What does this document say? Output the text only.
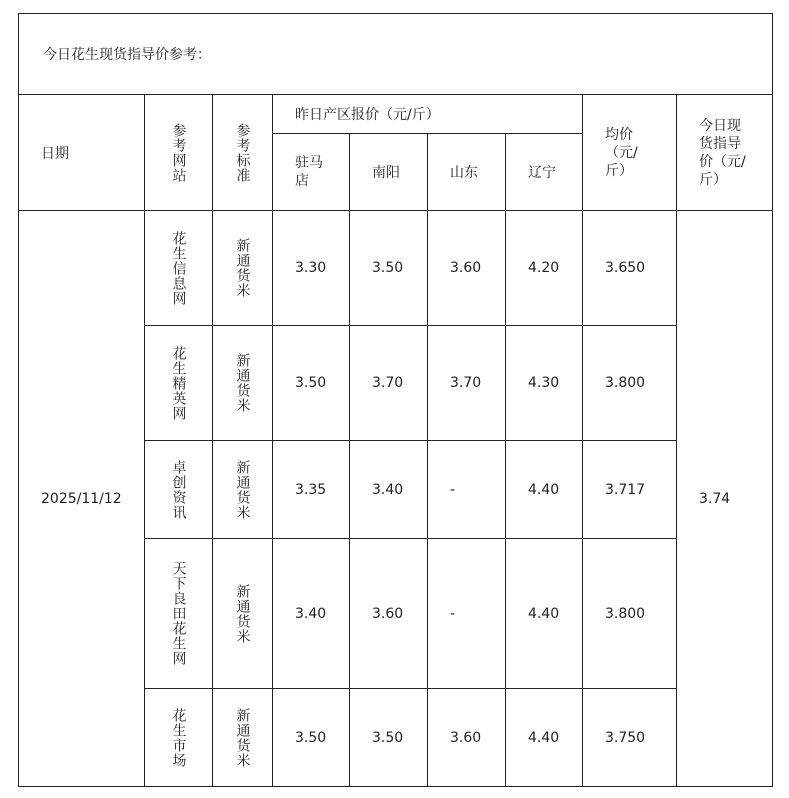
今日花生现货指导价参考：								
日期	参考网站	参考标准	昨日产区报价（元/斤）				均价（元/斤）	今日现货指导价（元/斤）

			驻马店	南阳	山东	辽宁		
2025/11/12	花生信息网	新通货米	3.30	3.50	3.60	4.20	3.650	3.74

	花生精英网	新通货米	3.50	3.70	3.70	4.30	3.800	

	卓创资讯	新通货米	3.35	3.40	-	4.40	3.717	

	天下良田花生网	新通货米	3.40	3.60	-	4.40	3.800	

	花生市场	新通货米	3.50	3.50	3.60	4.40	3.750	
